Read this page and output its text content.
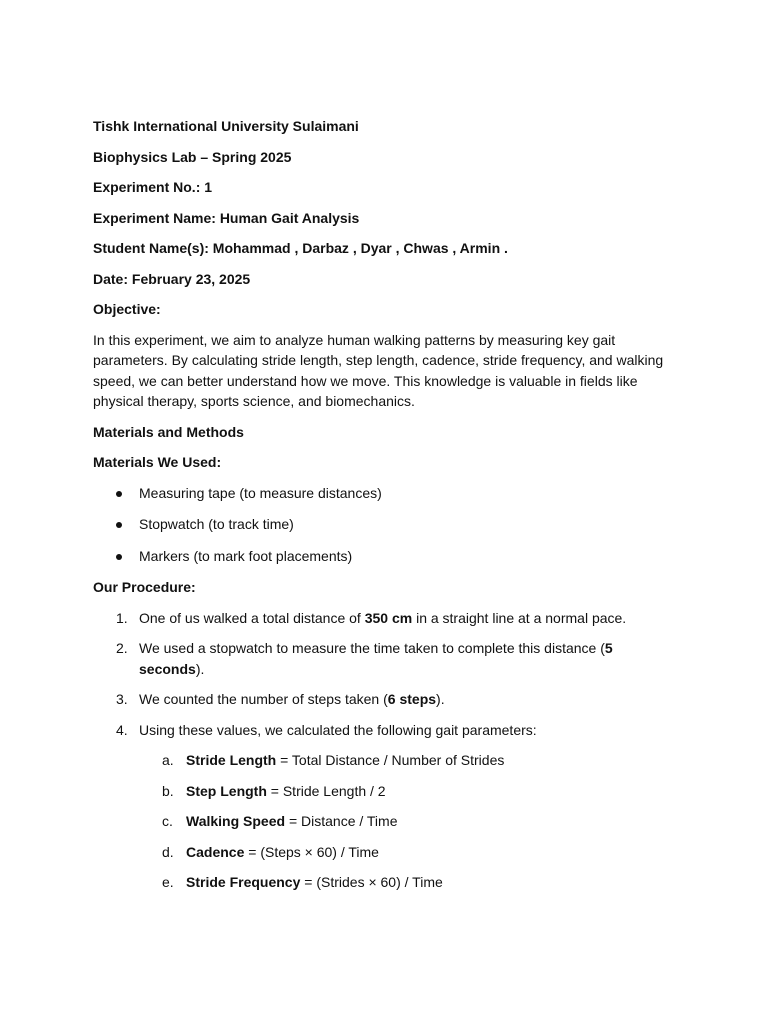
Tishk International University Sulaimani
Biophysics Lab – Spring 2025
Experiment No.: 1
Experiment Name: Human Gait Analysis
Student Name(s): Mohammad , Darbaz , Dyar , Chwas , Armin .
Date: February 23, 2025
Objective:
In this experiment, we aim to analyze human walking patterns by measuring key gait parameters. By calculating stride length, step length, cadence, stride frequency, and walking speed, we can better understand how we move. This knowledge is valuable in fields like physical therapy, sports science, and biomechanics.
Materials and Methods
Materials We Used:
Measuring tape (to measure distances)
Stopwatch (to track time)
Markers (to mark foot placements)
Our Procedure:
1. One of us walked a total distance of 350 cm in a straight line at a normal pace.
2. We used a stopwatch to measure the time taken to complete this distance (5 seconds).
3. We counted the number of steps taken (6 steps).
4. Using these values, we calculated the following gait parameters:
a. Stride Length = Total Distance / Number of Strides
b. Step Length = Stride Length / 2
c. Walking Speed = Distance / Time
d. Cadence = (Steps × 60) / Time
e. Stride Frequency = (Strides × 60) / Time
